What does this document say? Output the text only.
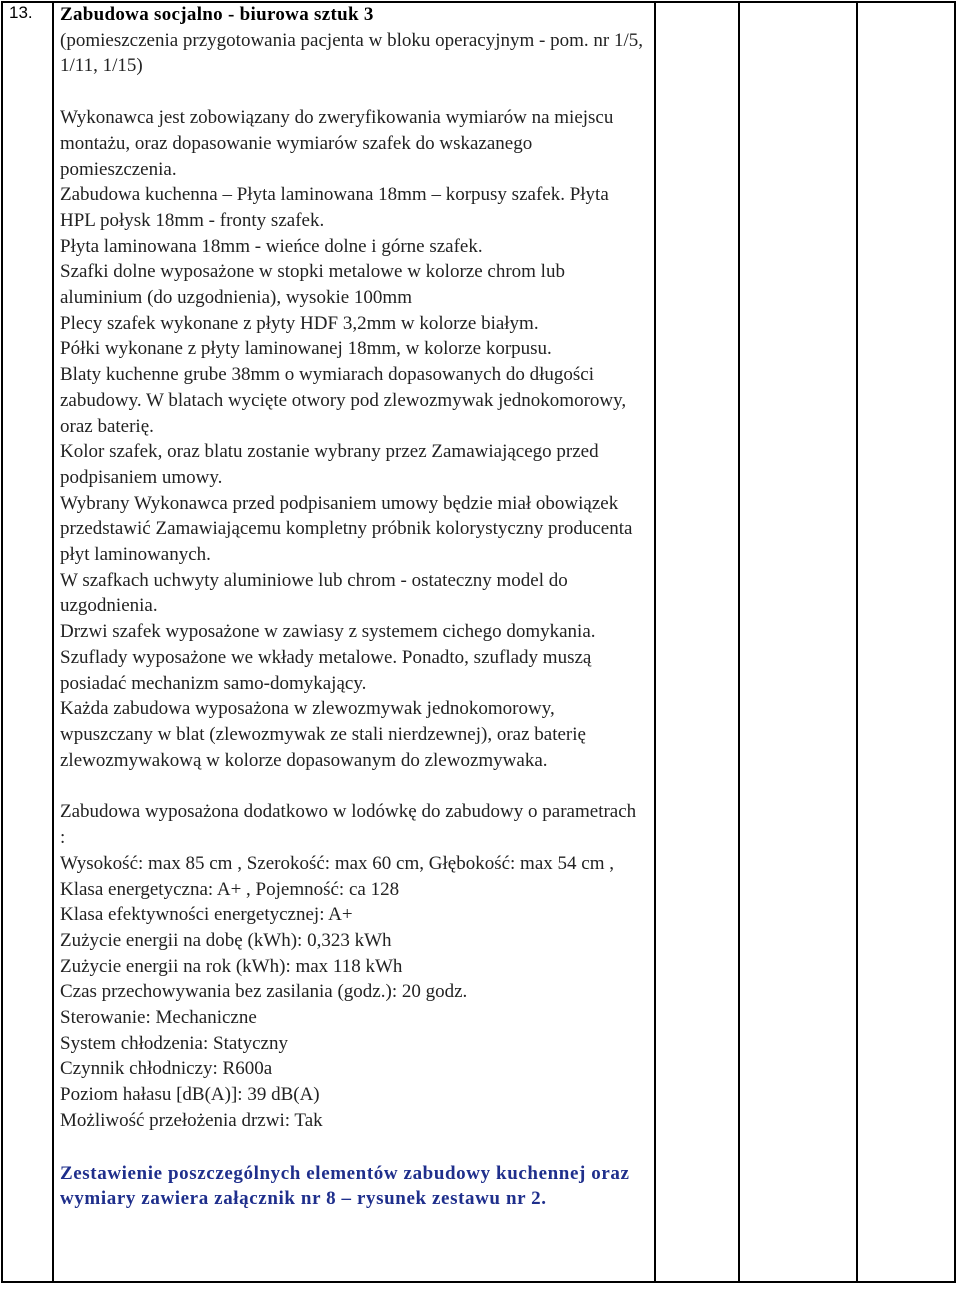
13. Zabudowa socjalno - biurowa sztuk 3

(pomieszczenia przygotowania pacjenta w bloku operacyjnym - pom. nr 1/5, 1/11, 1/15)

Wykonawca jest zobowiązany do zweryfikowania wymiarów na miejscu montażu, oraz dopasowanie wymiarów szafek do wskazanego pomieszczenia.

Zabudowa kuchenna – Płyta laminowana 18mm – korpusy szafek. Płyta HPL połysk 18mm - fronty szafek.

Płyta laminowana 18mm - wieńce dolne i górne szafek.

Szafki dolne wyposażone w stopki metalowe w kolorze chrom lub aluminium (do uzgodnienia), wysokie 100mm

Plecy szafek wykonane z płyty HDF 3,2mm w kolorze białym.

Półki wykonane z płyty laminowanej 18mm, w kolorze korpusu.

Blaty kuchenne grube 38mm o wymiarach dopasowanych do długości zabudowy. W blatach wycięte otwory pod zlewozmywak jednokomorowy, oraz baterię.

Kolor szafek, oraz blatu zostanie wybrany przez Zamawiającego przed podpisaniem umowy.

Wybrany Wykonawca przed podpisaniem umowy będzie miał obowiązek przedstawić Zamawiającemu kompletny próbnik kolorystyczny producenta płyt laminowanych.

W szafkach uchwyty aluminiowe lub chrom - ostateczny model do uzgodnienia.

Drzwi szafek wyposażone w zawiasy z systemem cichego domykania.

Szuflady wyposażone we wkłady metalowe. Ponadto, szuflady muszą posiadać mechanizm samo-domykający.

Każda zabudowa wyposażona w zlewozmywak jednokomorowy, wpuszczany w blat (zlewozmywak ze stali nierdzewnej), oraz baterię zlewozmywakową w kolorze dopasowanym do zlewozmywaka.

Zabudowa wyposażona dodatkowo w lodówkę do zabudowy o parametrach :

Wysokość: max 85 cm , Szerokość: max 60 cm, Głębokość: max 54 cm ,

Klasa energetyczna: A+ , Pojemność: ca 128

Klasa efektywności energetycznej: A+

Zużycie energii na dobę (kWh): 0,323 kWh

Zużycie energii na rok (kWh): max 118 kWh

Czas przechowywania bez zasilania (godz.): 20 godz.

Sterowanie: Mechaniczne

System chłodzenia: Statyczny

Czynnik chłodniczy: R600a

Poziom hałasu [dB(A)]: 39 dB(A)

Możliwość przełożenia drzwi: Tak

Zestawienie poszczególnych elementów zabudowy kuchennej oraz wymiary zawiera załącznik nr 8 – rysunek zestawu nr 2.
